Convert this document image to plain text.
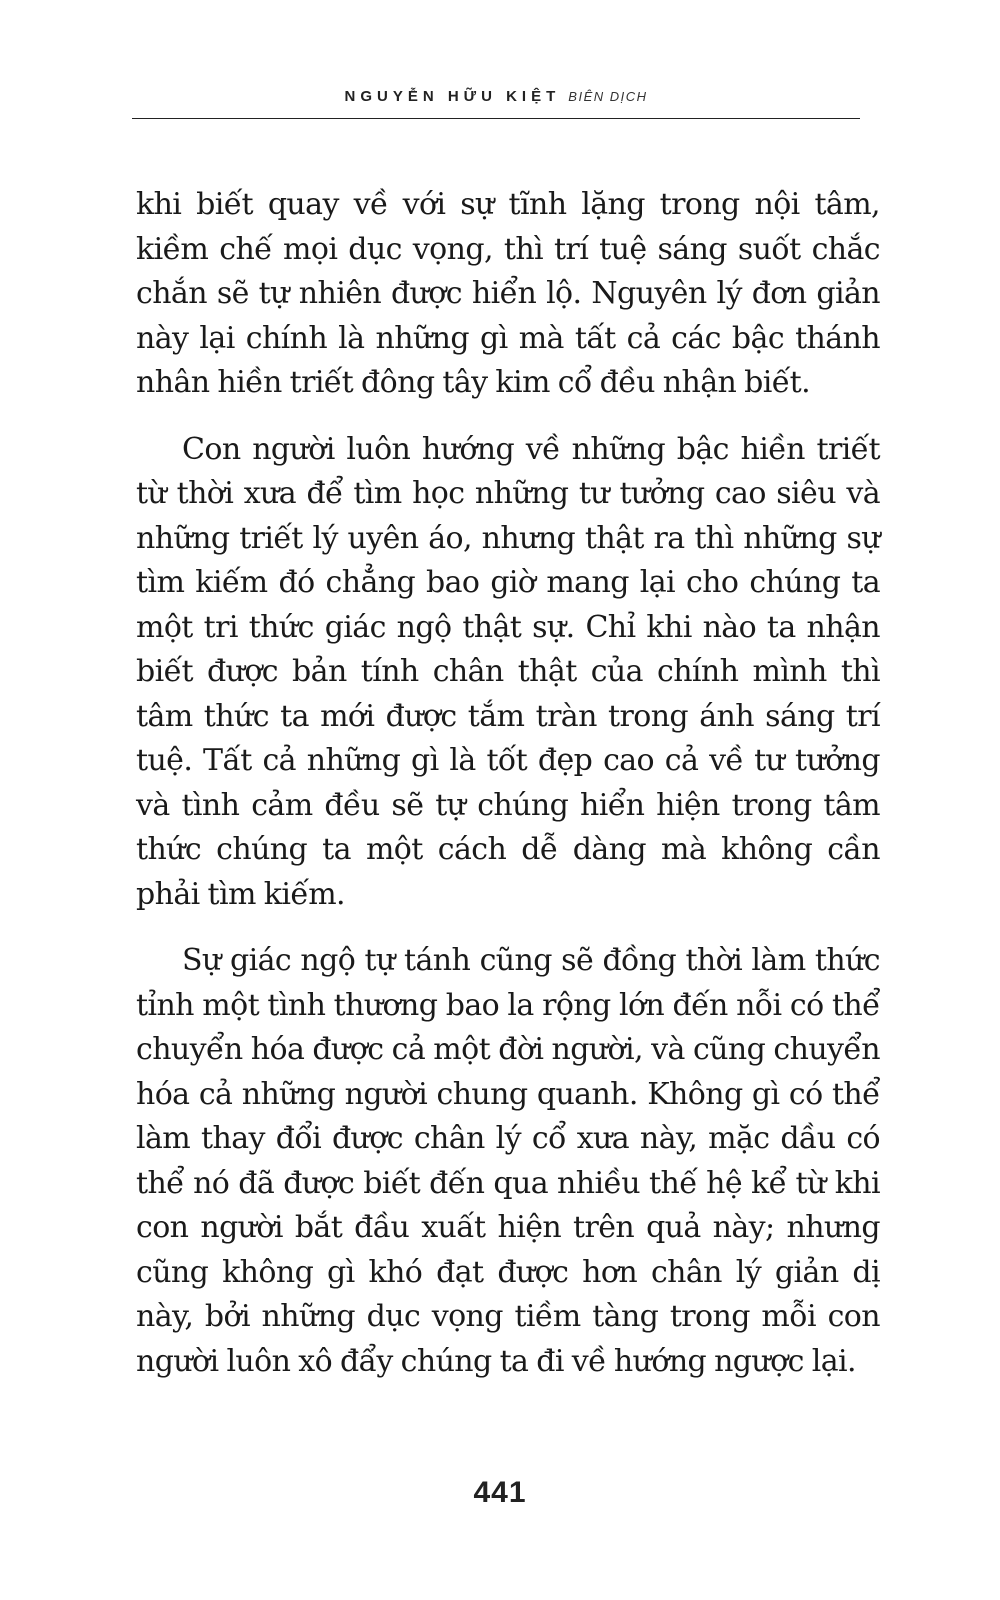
NGUYỄN HỮU KIỆT BIÊN DỊCH

khi biết quay về với sự tĩnh lặng trong nội tâm, kiềm chế mọi dục vọng, thì trí tuệ sáng suốt chắc chắn sẽ tự nhiên được hiển lộ. Nguyên lý đơn giản này lại chính là những gì mà tất cả các bậc thánh nhân hiền triết đông tây kim cổ đều nhận biết.

Con người luôn hướng về những bậc hiền triết từ thời xưa để tìm học những tư tưởng cao siêu và những triết lý uyên áo, nhưng thật ra thì những sự tìm kiếm đó chẳng bao giờ mang lại cho chúng ta một tri thức giác ngộ thật sự. Chỉ khi nào ta nhận biết được bản tính chân thật của chính mình thì tâm thức ta mới được tắm tràn trong ánh sáng trí tuệ. Tất cả những gì là tốt đẹp cao cả về tư tưởng và tình cảm đều sẽ tự chúng hiển hiện trong tâm thức chúng ta một cách dễ dàng mà không cần phải tìm kiếm.

Sự giác ngộ tự tánh cũng sẽ đồng thời làm thức tỉnh một tình thương bao la rộng lớn đến nỗi có thể chuyển hóa được cả một đời người, và cũng chuyển hóa cả những người chung quanh. Không gì có thể làm thay đổi được chân lý cổ xưa này, mặc dầu có thể nó đã được biết đến qua nhiều thế hệ kể từ khi con người bắt đầu xuất hiện trên quả này; nhưng cũng không gì khó đạt được hơn chân lý giản dị này, bởi những dục vọng tiềm tàng trong mỗi con người luôn xô đẩy chúng ta đi về hướng ngược lại.

441
